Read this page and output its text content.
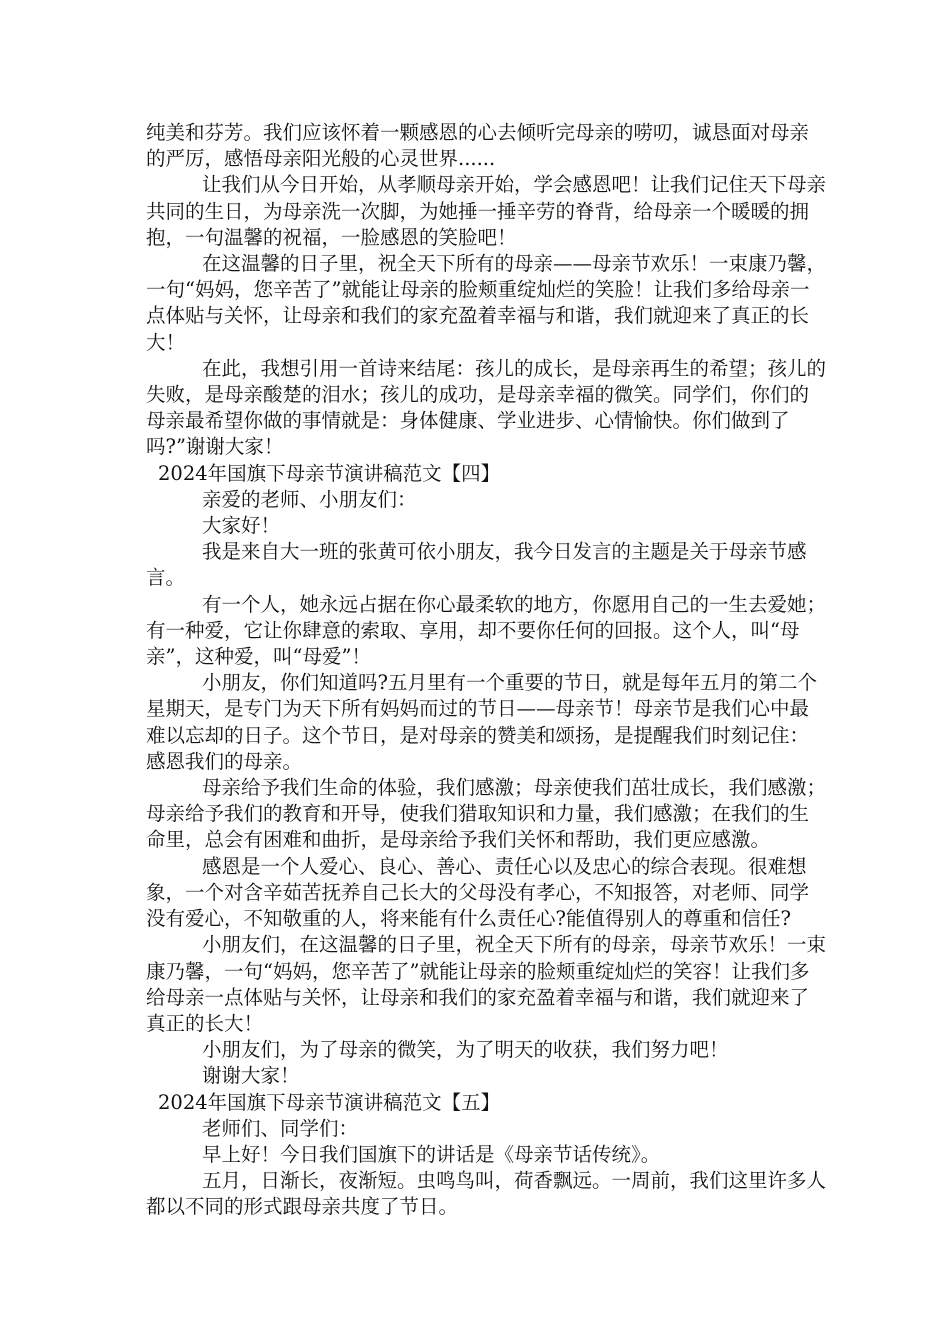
纯美和芬芳。我们应该怀着一颗感恩的心去倾听完母亲的唠叨，诚恳面对母亲的严厉，感悟母亲阳光般的心灵世界......

让我们从今日开始，从孝顺母亲开始，学会感恩吧！让我们记住天下母亲共同的生日，为母亲洗一次脚，为她捶一捶辛劳的脊背，给母亲一个暖暖的拥抱，一句温馨的祝福，一脸感恩的笑脸吧！

在这温馨的日子里，祝全天下所有的母亲——母亲节欢乐！一束康乃馨，一句“妈妈，您辛苦了”就能让母亲的脸颊重绽灿烂的笑脸！让我们多给母亲一点体贴与关怀，让母亲和我们的家充盈着幸福与和谐，我们就迎来了真正的长大！

在此，我想引用一首诗来结尾：孩儿的成长，是母亲再生的希望；孩儿的失败，是母亲酸楚的泪水；孩儿的成功，是母亲幸福的微笑。同学们，你们的母亲最希望你做的事情就是：身体健康、学业进步、心情愉快。你们做到了吗?”谢谢大家！

2024年国旗下母亲节演讲稿范文【四】

亲爱的老师、小朋友们：

大家好！

我是来自大一班的张黄可依小朋友，我今日发言的主题是关于母亲节感言。

有一个人，她永远占据在你心最柔软的地方，你愿用自己的一生去爱她；有一种爱，它让你肆意的索取、享用，却不要你任何的回报。这个人，叫“母亲”，这种爱，叫“母爱”！

小朋友，你们知道吗?五月里有一个重要的节日，就是每年五月的第二个星期天，是专门为天下所有妈妈而过的节日——母亲节！母亲节是我们心中最难以忘却的日子。这个节日，是对母亲的赞美和颂扬，是提醒我们时刻记住：感恩我们的母亲。

母亲给予我们生命的体验，我们感激；母亲使我们茁壮成长，我们感激；母亲给予我们的教育和开导，使我们猎取知识和力量，我们感激；在我们的生命里，总会有困难和曲折，是母亲给予我们关怀和帮助，我们更应感激。

感恩是一个人爱心、良心、善心、责任心以及忠心的综合表现。很难想象，一个对含辛茹苦抚养自己长大的父母没有孝心，不知报答，对老师、同学没有爱心，不知敬重的人，将来能有什么责任心?能值得别人的尊重和信任?

小朋友们，在这温馨的日子里，祝全天下所有的母亲，母亲节欢乐！一束康乃馨，一句“妈妈，您辛苦了”就能让母亲的脸颊重绽灿烂的笑容！让我们多给母亲一点体贴与关怀，让母亲和我们的家充盈着幸福与和谐，我们就迎来了真正的长大！

小朋友们，为了母亲的微笑，为了明天的收获，我们努力吧！

谢谢大家！

2024年国旗下母亲节演讲稿范文【五】

老师们、同学们：

早上好！今日我们国旗下的讲话是《母亲节话传统》。

五月，日渐长，夜渐短。虫鸣鸟叫，荷香飘远。一周前，我们这里许多人都以不同的形式跟母亲共度了节日。
